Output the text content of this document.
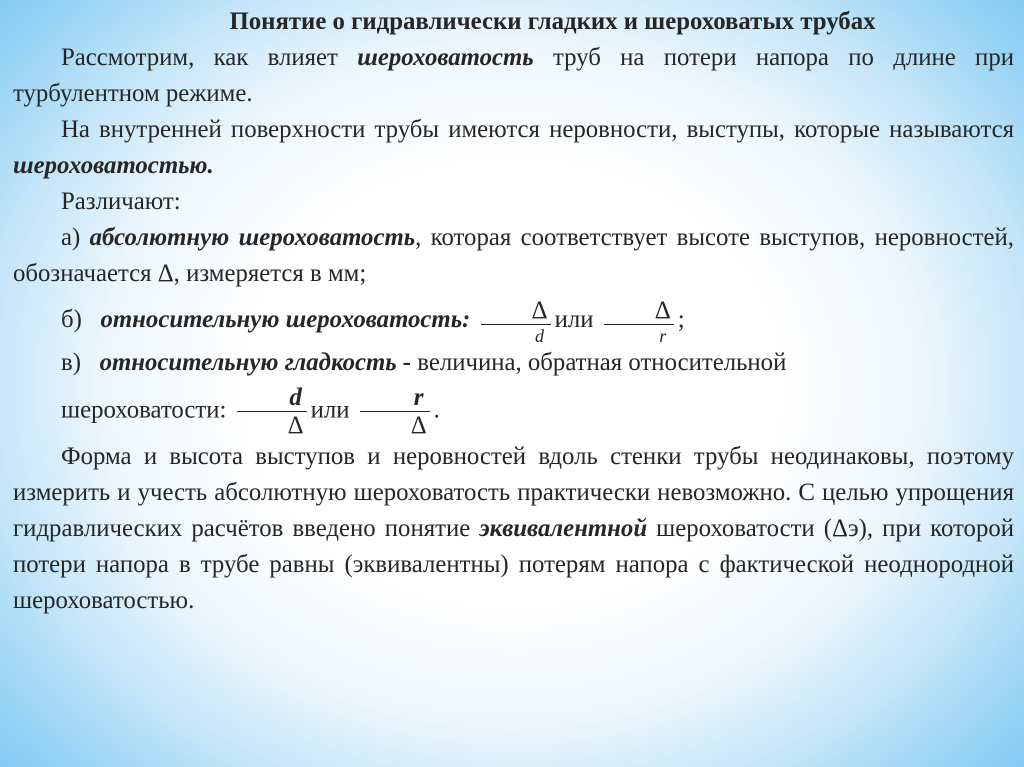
Понятие о гидравлически гладких и шероховатых трубах

Рассмотрим, как влияет шероховатость труб на потери напора по длине при турбулентном режиме.

На внутренней поверхности трубы имеются неровности, выступы, которые называются шероховатостью.

Различают:

а) абсолютную шероховатость, которая соответствует высоте выступов, неровностей, обозначается Δ, измеряется в мм;

б)   относительную шероховатость: $\frac{\Delta}{d}$ или $\frac{\Delta}{r}$ ;

в)   относительную гладкость - величина, обратная относительной

шероховатости: $\frac{d}{\Delta}$ или $\frac{r}{\Delta}$ .

Форма и высота выступов и неровностей вдоль стенки трубы неодинаковы, поэтому измерить и учесть абсолютную шероховатость практически невозможно. С целью упрощения гидравлических расчётов введено понятие эквивалентной шероховатости (Δэ), при которой потери напора в трубе равны (эквивалентны) потерям напора с фактической неоднородной шероховатостью.
